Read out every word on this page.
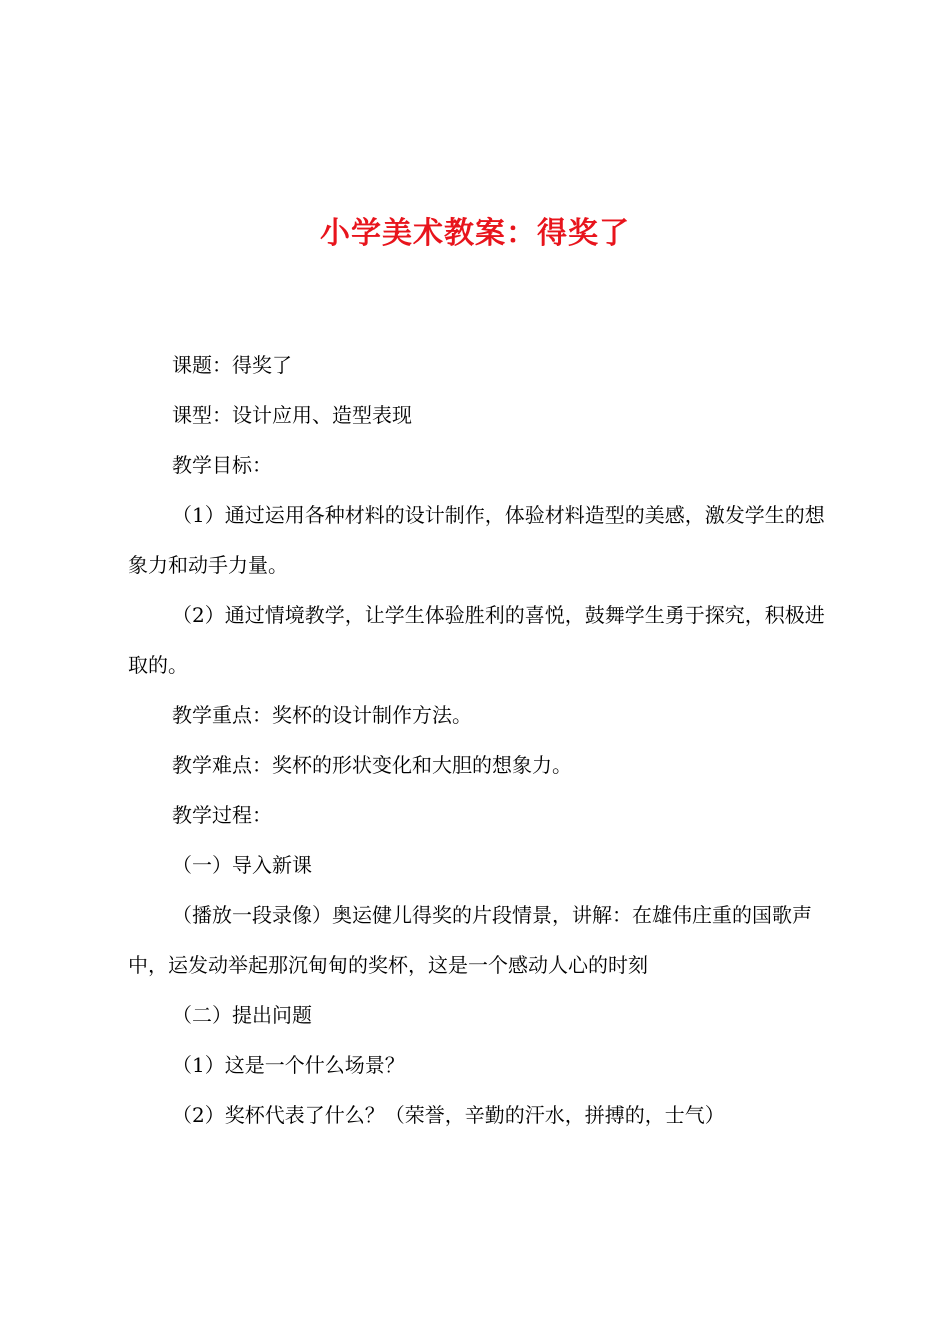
小学美术教案：得奖了

课题：得奖了

课型：设计应用、造型表现

教学目标：

（1）通过运用各种材料的设计制作，体验材料造型的美感，激发学生的想象力和动手力量。

（2）通过情境教学，让学生体验胜利的喜悦，鼓舞学生勇于探究，积极进取的。

教学重点：奖杯的设计制作方法。

教学难点：奖杯的形状变化和大胆的想象力。

教学过程：

（一）导入新课

（播放一段录像）奥运健儿得奖的片段情景，讲解：在雄伟庄重的国歌声中，运发动举起那沉甸甸的奖杯，这是一个感动人心的时刻

（二）提出问题

（1）这是一个什么场景？

（2）奖杯代表了什么？（荣誉，辛勤的汗水，拼搏的，士气）
